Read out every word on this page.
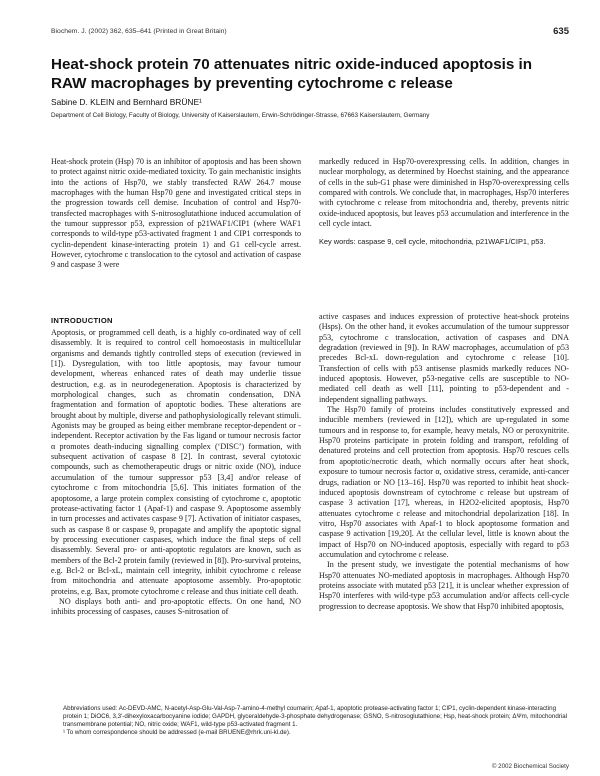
Biochem. J. (2002) 362, 635–641 (Printed in Great Britain)	635
Heat-shock protein 70 attenuates nitric oxide-induced apoptosis in RAW macrophages by preventing cytochrome c release
Sabine D. KLEIN and Bernhard BRÜNE¹
Department of Cell Biology, Faculty of Biology, University of Kaiserslautern, Erwin-Schrödinger-Strasse, 67663 Kaiserslautern, Germany

Heat-shock protein (Hsp) 70 is an inhibitor of apoptosis and has been shown to protect against nitric oxide-mediated toxicity. To gain mechanistic insights into the actions of Hsp70, we stably transfected RAW 264.7 mouse macrophages with the human Hsp70 gene and investigated critical steps in the progression towards cell demise. Incubation of control and Hsp70-transfected macrophages with S-nitrosoglutathione induced accumulation of the tumour suppressor p53, expression of p21WAF1/CIP1 (where WAF1 corresponds to wild-type p53-activated fragment 1 and CIP1 corresponds to cyclin-dependent kinase-interacting protein 1) and G1 cell-cycle arrest. However, cytochrome c translocation to the cytosol and activation of caspase 9 and caspase 3 were

markedly reduced in Hsp70-overexpressing cells. In addition, changes in nuclear morphology, as determined by Hoechst staining, and the appearance of cells in the sub-G1 phase were diminished in Hsp70-overexpressing cells compared with controls. We conclude that, in macrophages, Hsp70 interferes with cytochrome c release from mitochondria and, thereby, prevents nitric oxide-induced apoptosis, but leaves p53 accumulation and interference in the cell cycle intact.

Key words: caspase 9, cell cycle, mitochondria, p21WAF1/CIP1, p53.
INTRODUCTION

Apoptosis, or programmed cell death, is a highly co-ordinated way of cell disassembly. It is required to control cell homoeostasis in multicellular organisms and demands tightly controlled steps of execution (reviewed in [1]). Dysregulation, with too little apoptosis, may favour tumour development, whereas enhanced rates of death may underlie tissue destruction, e.g. as in neurodegeneration. Apoptosis is characterized by morphological changes, such as chromatin condensation, DNA fragmentation and formation of apoptotic bodies. These alterations are brought about by multiple, diverse and pathophysiologically relevant stimuli. Agonists may be grouped as being either membrane receptor-dependent or -independent. Receptor activation by the Fas ligand or tumour necrosis factor α promotes death-inducing signalling complex (‘DISC’) formation, with subsequent activation of caspase 8 [2]. In contrast, several cytotoxic compounds, such as chemotherapeutic drugs or nitric oxide (NO), induce accumulation of the tumour suppressor p53 [3,4] and/or release of cytochrome c from mitochondria [5,6]. This initiates formation of the apoptosome, a large protein complex consisting of cytochrome c, apoptotic protease-activating factor 1 (Apaf-1) and caspase 9. Apoptosome assembly in turn processes and activates caspase 9 [7]. Activation of initiator caspases, such as caspase 8 or caspase 9, propagate and amplify the apoptotic signal by processing executioner caspases, which induce the final steps of cell disassembly. Several pro- or anti-apoptotic regulators are known, such as members of the Bcl-2 protein family (reviewed in [8]). Pro-survival proteins, e.g. Bcl-2 or Bcl-xL, maintain cell integrity, inhibit cytochrome c release from mitochondria and attenuate apoptosome assembly. Pro-apoptotic proteins, e.g. Bax, promote cytochrome c release and thus initiate cell death.

NO displays both anti- and pro-apoptotic effects. On one hand, NO inhibits processing of caspases, causes S-nitrosation of

active caspases and induces expression of protective heat-shock proteins (Hsps). On the other hand, it evokes accumulation of the tumour suppressor p53, cytochrome c translocation, activation of caspases and DNA degradation (reviewed in [9]). In RAW macrophages, accumulation of p53 precedes Bcl-xL down-regulation and cytochrome c release [10]. Transfection of cells with p53 antisense plasmids markedly reduces NO-induced apoptosis. However, p53-negative cells are susceptible to NO-mediated cell death as well [11], pointing to p53-dependent and -independent signalling pathways.

The Hsp70 family of proteins includes constitutively expressed and inducible members (reviewed in [12]), which are up-regulated in some tumours and in response to, for example, heavy metals, NO or peroxynitrite. Hsp70 proteins participate in protein folding and transport, refolding of denatured proteins and cell protection from apoptosis. Hsp70 rescues cells from apoptotic/necrotic death, which normally occurs after heat shock, exposure to tumour necrosis factor α, oxidative stress, ceramide, anti-cancer drugs, radiation or NO [13–16]. Hsp70 was reported to inhibit heat shock-induced apoptosis downstream of cytochrome c release but upstream of caspase 3 activation [17], whereas, in H2O2-elicited apoptosis, Hsp70 attenuates cytochrome c release and mitochondrial depolarization [18]. In vitro, Hsp70 associates with Apaf-1 to block apoptosome formation and caspase 9 activation [19,20]. At the cellular level, little is known about the impact of Hsp70 on NO-induced apoptosis, especially with regard to p53 accumulation and cytochrome c release.

In the present study, we investigate the potential mechanisms of how Hsp70 attenuates NO-mediated apoptosis in macrophages. Although Hsp70 proteins associate with mutated p53 [21], it is unclear whether expression of Hsp70 interferes with wild-type p53 accumulation and/or affects cell-cycle progression to decrease apoptosis. We show that Hsp70 inhibited apoptosis,

Abbreviations used: Ac-DEVD-AMC, N-acetyl-Asp-Glu-Val-Asp-7-amino-4-methyl coumarin; Apaf-1, apoptotic protease-activating factor 1; CIP1, cyclin-dependent kinase-interacting protein 1; DiOC6, 3,3′-dihexyloxacarbocyanine iodide; GAPDH, glyceraldehyde-3-phosphate dehydrogenase; GSNO, S-nitrosoglutathione; Hsp, heat-shock protein; ΔΨm, mitochondrial transmembrane potential; NO, nitric oxide; WAF1, wild-type p53-activated fragment 1.

¹ To whom correspondence should be addressed (e-mail BRUENE@rhrk.uni-kl.de).

© 2002 Biochemical Society
